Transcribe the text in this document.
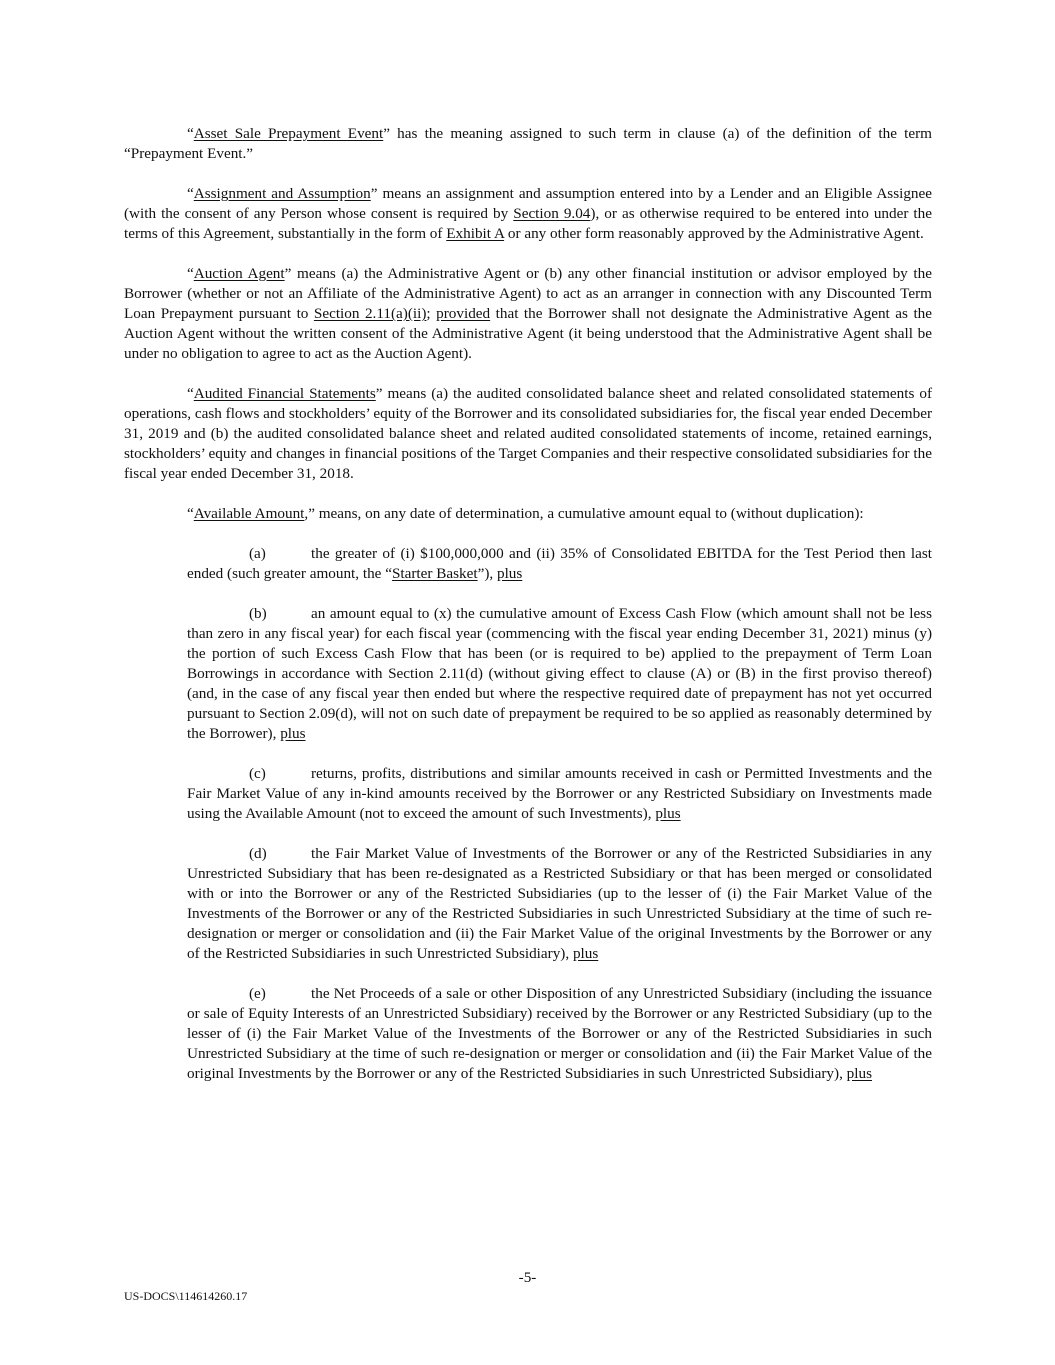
“Asset Sale Prepayment Event” has the meaning assigned to such term in clause (a) of the definition of the term “Prepayment Event.”

“Assignment and Assumption” means an assignment and assumption entered into by a Lender and an Eligible Assignee (with the consent of any Person whose consent is required by Section 9.04), or as otherwise required to be entered into under the terms of this Agreement, substantially in the form of Exhibit A or any other form reasonably approved by the Administrative Agent.

“Auction Agent” means (a) the Administrative Agent or (b) any other financial institution or advisor employed by the Borrower (whether or not an Affiliate of the Administrative Agent) to act as an arranger in connection with any Discounted Term Loan Prepayment pursuant to Section 2.11(a)(ii); provided that the Borrower shall not designate the Administrative Agent as the Auction Agent without the written consent of the Administrative Agent (it being understood that the Administrative Agent shall be under no obligation to agree to act as the Auction Agent).

“Audited Financial Statements” means (a) the audited consolidated balance sheet and related consolidated statements of operations, cash flows and stockholders’ equity of the Borrower and its consolidated subsidiaries for, the fiscal year ended December 31, 2019 and (b) the audited consolidated balance sheet and related audited consolidated statements of income, retained earnings, stockholders’ equity and changes in financial positions of the Target Companies and their respective consolidated subsidiaries for the fiscal year ended December 31, 2018.

“Available Amount,” means, on any date of determination, a cumulative amount equal to (without duplication):

(a)	the greater of (i) $100,000,000 and (ii) 35% of Consolidated EBITDA for the Test Period then last ended (such greater amount, the “Starter Basket”), plus

(b)	an amount equal to (x) the cumulative amount of Excess Cash Flow (which amount shall not be less than zero in any fiscal year) for each fiscal year (commencing with the fiscal year ending December 31, 2021) minus (y) the portion of such Excess Cash Flow that has been (or is required to be) applied to the prepayment of Term Loan Borrowings in accordance with Section 2.11(d) (without giving effect to clause (A) or (B) in the first proviso thereof) (and, in the case of any fiscal year then ended but where the respective required date of prepayment has not yet occurred pursuant to Section 2.09(d), will not on such date of prepayment be required to be so applied as reasonably determined by the Borrower), plus

(c)	returns, profits, distributions and similar amounts received in cash or Permitted Investments and the Fair Market Value of any in-kind amounts received by the Borrower or any Restricted Subsidiary on Investments made using the Available Amount (not to exceed the amount of such Investments), plus

(d)	the Fair Market Value of Investments of the Borrower or any of the Restricted Subsidiaries in any Unrestricted Subsidiary that has been re-designated as a Restricted Subsidiary or that has been merged or consolidated with or into the Borrower or any of the Restricted Subsidiaries (up to the lesser of (i) the Fair Market Value of the Investments of the Borrower or any of the Restricted Subsidiaries in such Unrestricted Subsidiary at the time of such re-designation or merger or consolidation and (ii) the Fair Market Value of the original Investments by the Borrower or any of the Restricted Subsidiaries in such Unrestricted Subsidiary), plus

(e)	the Net Proceeds of a sale or other Disposition of any Unrestricted Subsidiary (including the issuance or sale of Equity Interests of an Unrestricted Subsidiary) received by the Borrower or any Restricted Subsidiary (up to the lesser of (i) the Fair Market Value of the Investments of the Borrower or any of the Restricted Subsidiaries in such Unrestricted Subsidiary at the time of such re-designation or merger or consolidation and (ii) the Fair Market Value of the original Investments by the Borrower or any of the Restricted Subsidiaries in such Unrestricted Subsidiary), plus

-5-
US-DOCS\114614260.17
